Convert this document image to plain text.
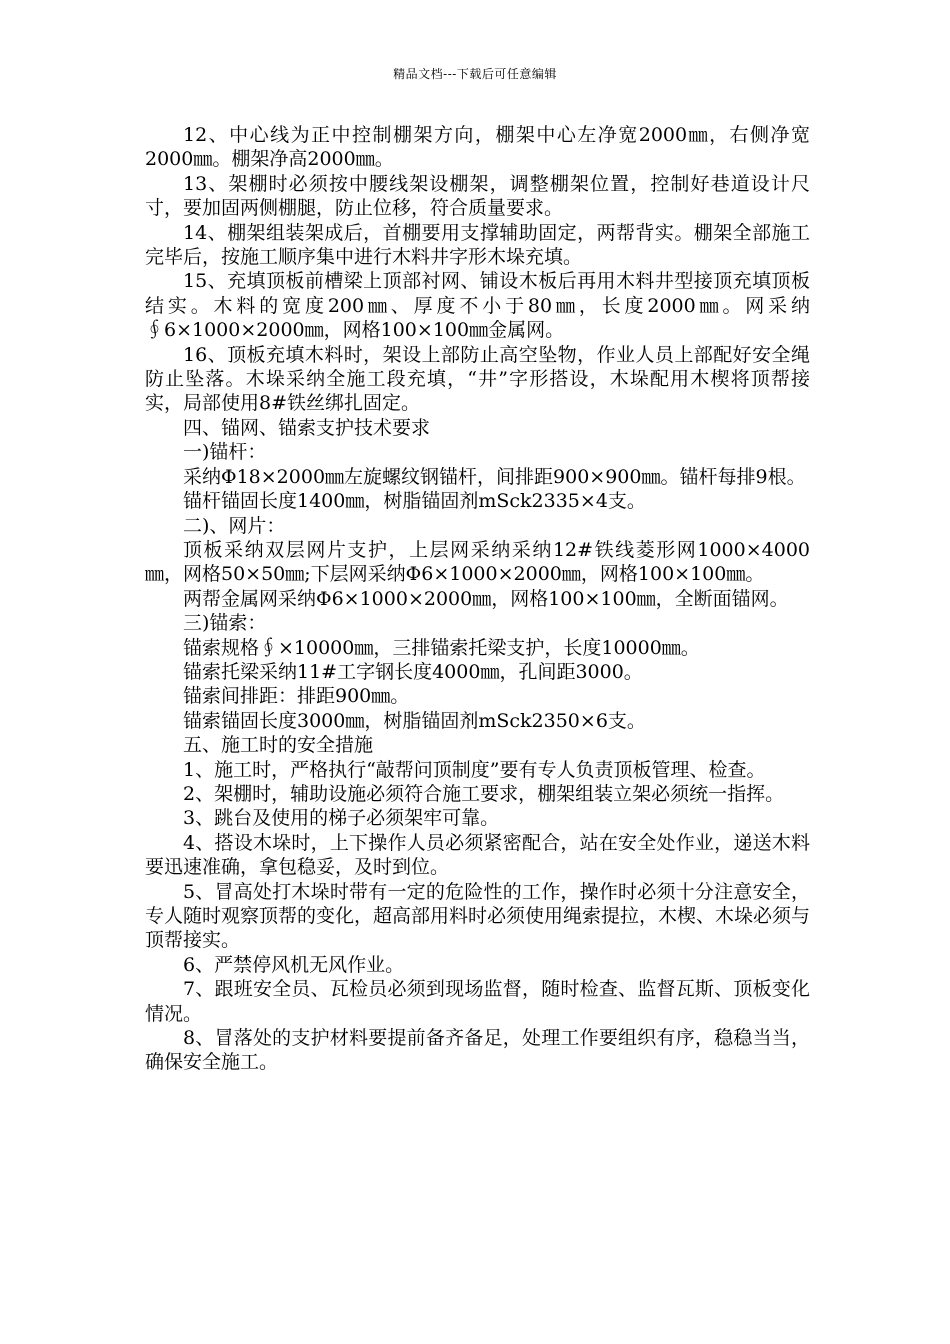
精品文档---下载后可任意编辑

12、中心线为正中控制棚架方向，棚架中心左净宽2000㎜，右侧净宽2000㎜。棚架净高2000㎜。

13、架棚时必须按中腰线架设棚架，调整棚架位置，控制好巷道设计尺寸，要加固两侧棚腿，防止位移，符合质量要求。

14、棚架组装架成后，首棚要用支撑辅助固定，两帮背实。棚架全部施工完毕后，按施工顺序集中进行木料井字形木垛充填。

15、充填顶板前槽梁上顶部衬网、铺设木板后再用木料井型接顶充填顶板结实。木料的宽度200㎜、厚度不小于80㎜，长度2000㎜。网采纳∮6×1000×2000㎜，网格100×100㎜金属网。

16、顶板充填木料时，架设上部防止高空坠物，作业人员上部配好安全绳防止坠落。木垛采纳全施工段充填，“井”字形搭设，木垛配用木楔将顶帮接实，局部使用8#铁丝绑扎固定。

四、锚网、锚索支护技术要求

一)锚杆：

采纳Φ18×2000㎜左旋螺纹钢锚杆，间排距900×900㎜。锚杆每排9根。

锚杆锚固长度1400㎜，树脂锚固剂mSck2335×4支。

二)、网片：

顶板采纳双层网片支护，上层网采纳采纳12#铁线菱形网1000×4000㎜，网格50×50㎜;下层网采纳Φ6×1000×2000㎜，网格100×100㎜。

两帮金属网采纳Φ6×1000×2000㎜，网格100×100㎜，全断面锚网。

三)锚索：

锚索规格∮×10000㎜，三排锚索托梁支护，长度10000㎜。

锚索托梁采纳11#工字钢长度4000㎜，孔间距3000。

锚索间排距：排距900㎜。

锚索锚固长度3000㎜，树脂锚固剂mSck2350×6支。

五、施工时的安全措施

1、施工时，严格执行“敲帮问顶制度”要有专人负责顶板管理、检查。

2、架棚时，辅助设施必须符合施工要求，棚架组装立架必须统一指挥。

3、跳台及使用的梯子必须架牢可靠。

4、搭设木垛时，上下操作人员必须紧密配合，站在安全处作业，递送木料要迅速准确，拿包稳妥，及时到位。

5、冒高处打木垛时带有一定的危险性的工作，操作时必须十分注意安全，专人随时观察顶帮的变化，超高部用料时必须使用绳索提拉，木楔、木垛必须与顶帮接实。

6、严禁停风机无风作业。

7、跟班安全员、瓦检员必须到现场监督，随时检查、监督瓦斯、顶板变化情况。

8、冒落处的支护材料要提前备齐备足，处理工作要组织有序，稳稳当当，确保安全施工。
